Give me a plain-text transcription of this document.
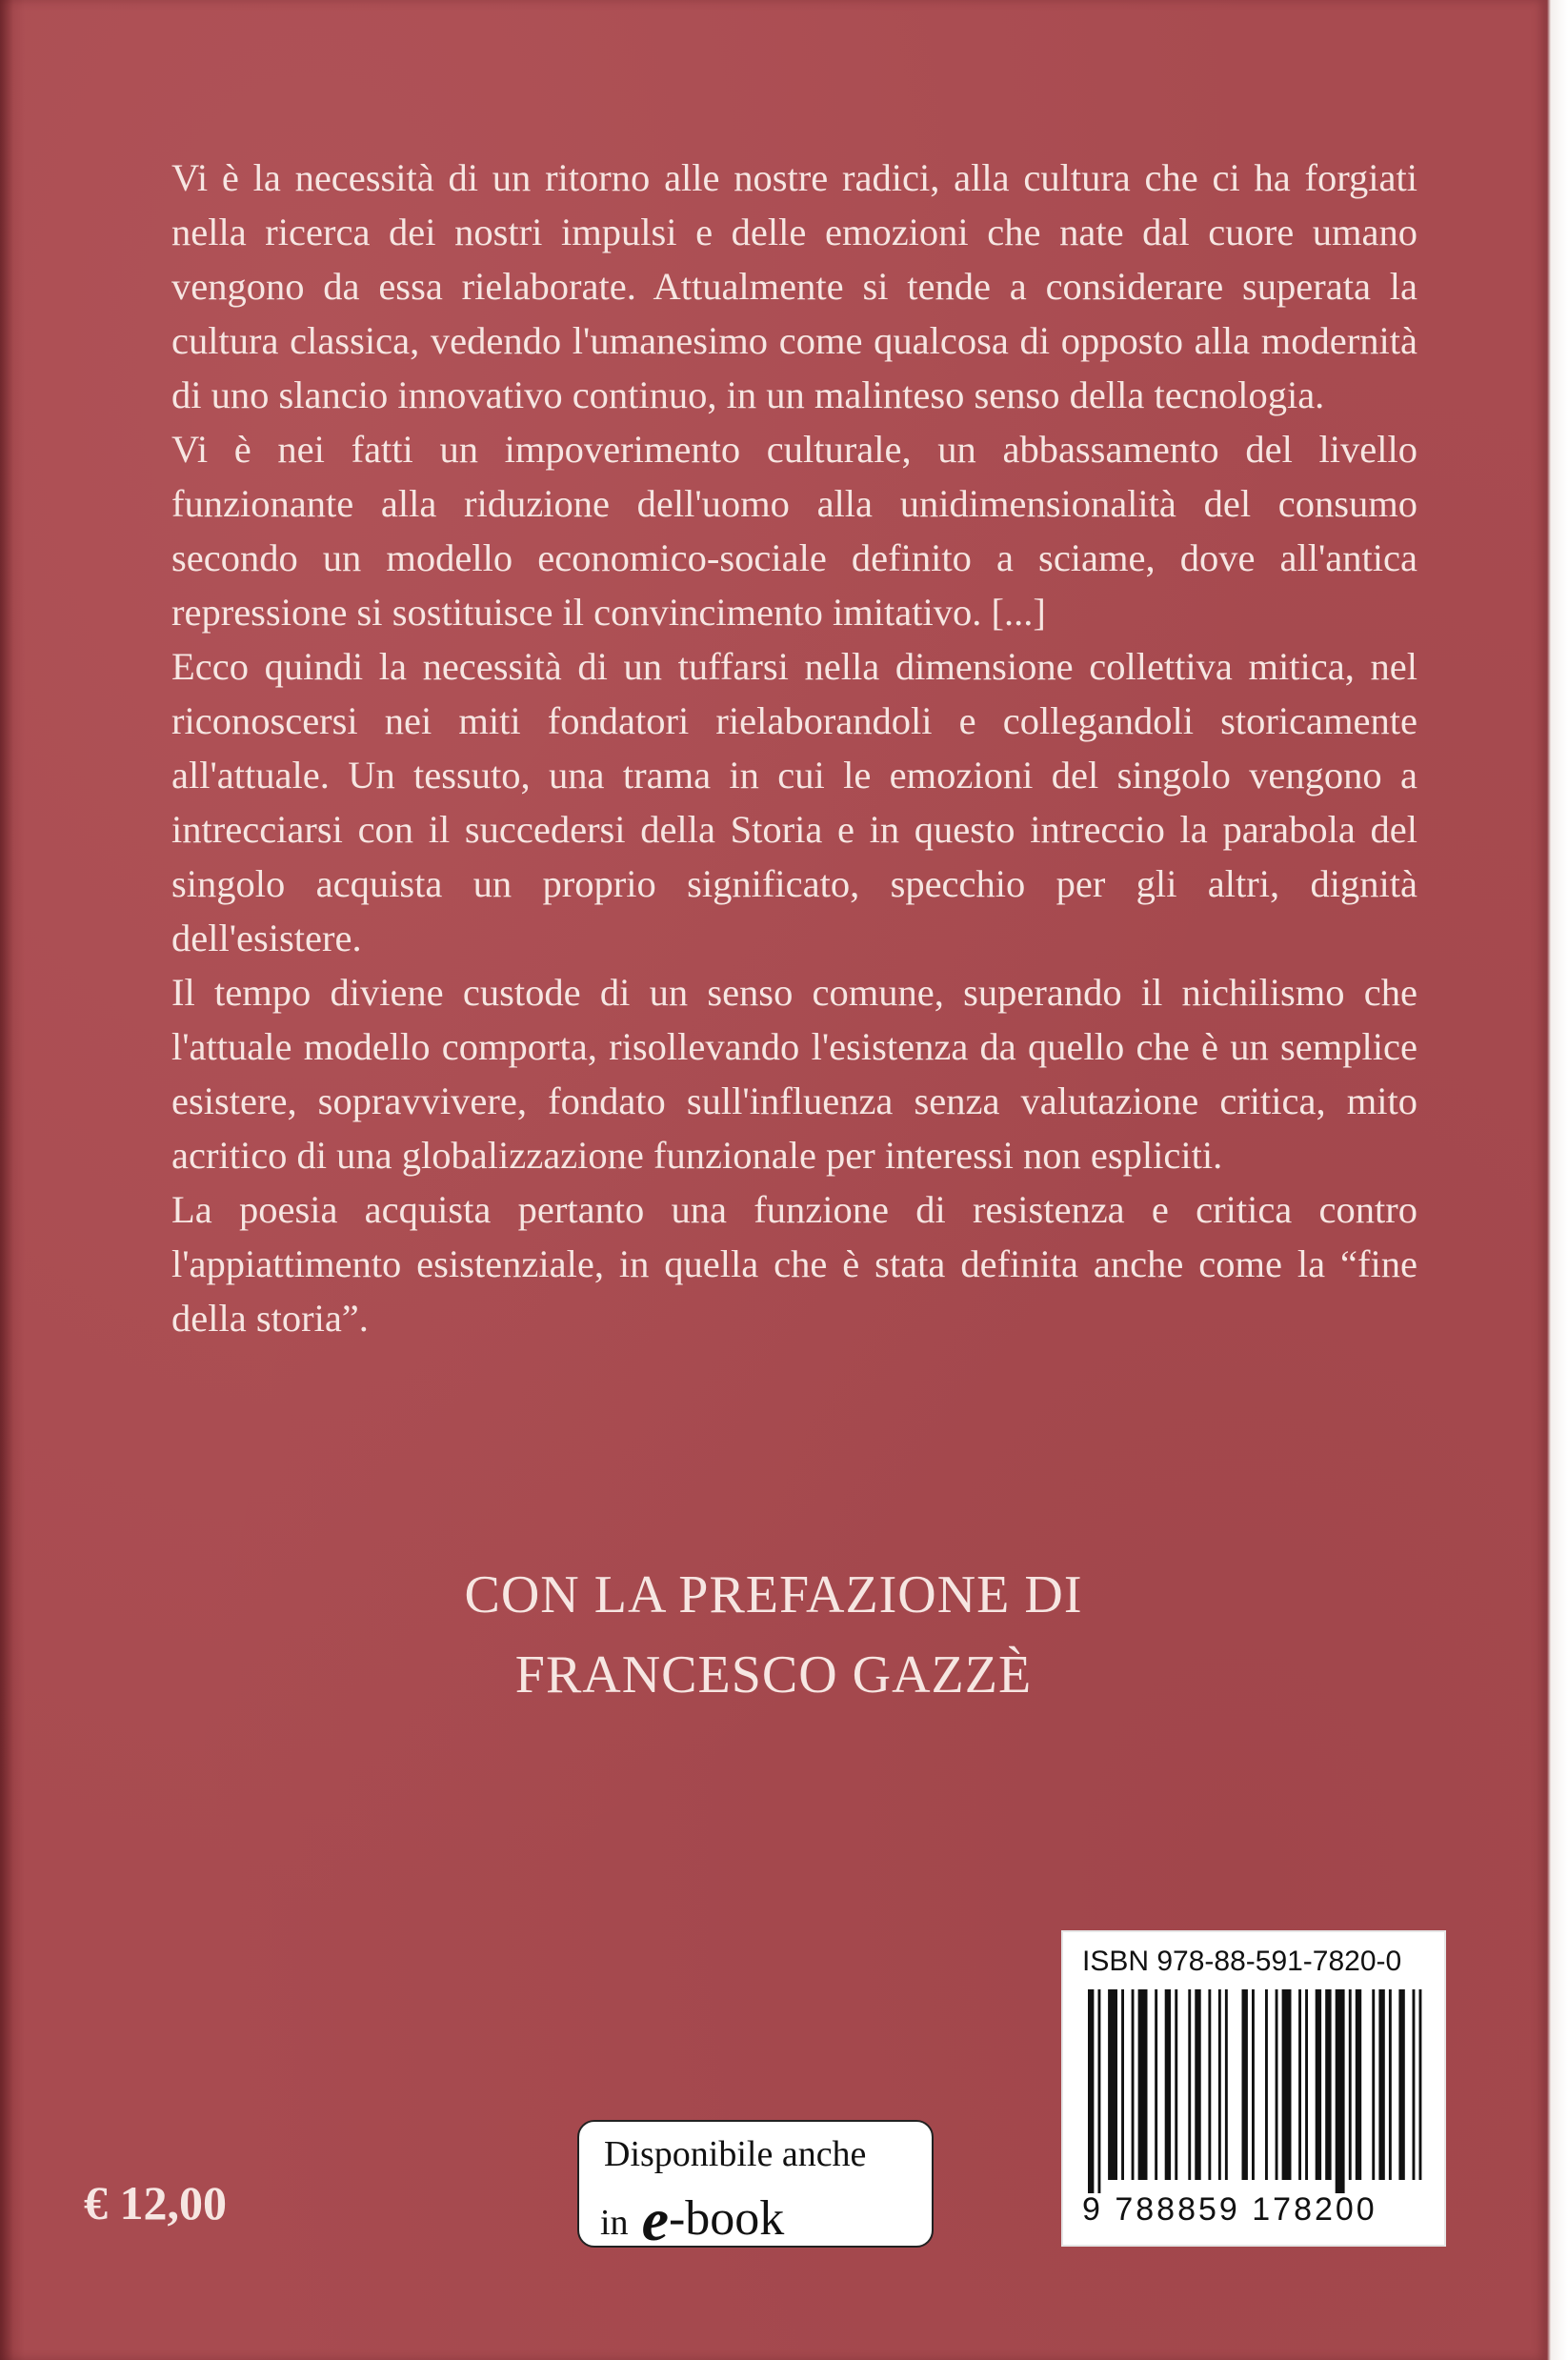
Vi è la necessità di un ritorno alle nostre radici, alla cultura che ci ha forgiati nella ricerca dei nostri impulsi e delle emozioni che nate dal cuore umano vengono da essa rielaborate. Attualmente si tende a considerare superata la cultura classica, vedendo l'umanesimo come qualcosa di opposto alla modernità di uno slancio innovativo continuo, in un malinteso senso della tecnologia.

Vi è nei fatti un impoverimento culturale, un abbassamento del livello funzionante alla riduzione dell'uomo alla unidimensionalità del consumo secondo un modello economico-sociale definito a sciame, dove all'antica repressione si sostituisce il convincimento imitativo. [...]

Ecco quindi la necessità di un tuffarsi nella dimensione collettiva mitica, nel riconoscersi nei miti fondatori rielaborandoli e collegandoli storicamente all'attuale. Un tessuto, una trama in cui le emozioni del singolo vengono a intrecciarsi con il succedersi della Storia e in questo intreccio la parabola del singolo acquista un proprio significato, specchio per gli altri, dignità dell'esistere.

Il tempo diviene custode di un senso comune, superando il nichilismo che l'attuale modello comporta, risollevando l'esistenza da quello che è un semplice esistere, sopravvivere, fondato sull'influenza senza valutazione critica, mito acritico di una globalizzazione funzionale per interessi non espliciti.

La poesia acquista pertanto una funzione di resistenza e critica contro l'appiattimento esistenziale, in quella che è stata definita anche come la “fine della storia”.

CON LA PREFAZIONE DI
FRANCESCO GAZZÈ
€ 12,00
Disponibile anche
in e-book
ISBN 978-88-591-7820-0
9 788859 178200
